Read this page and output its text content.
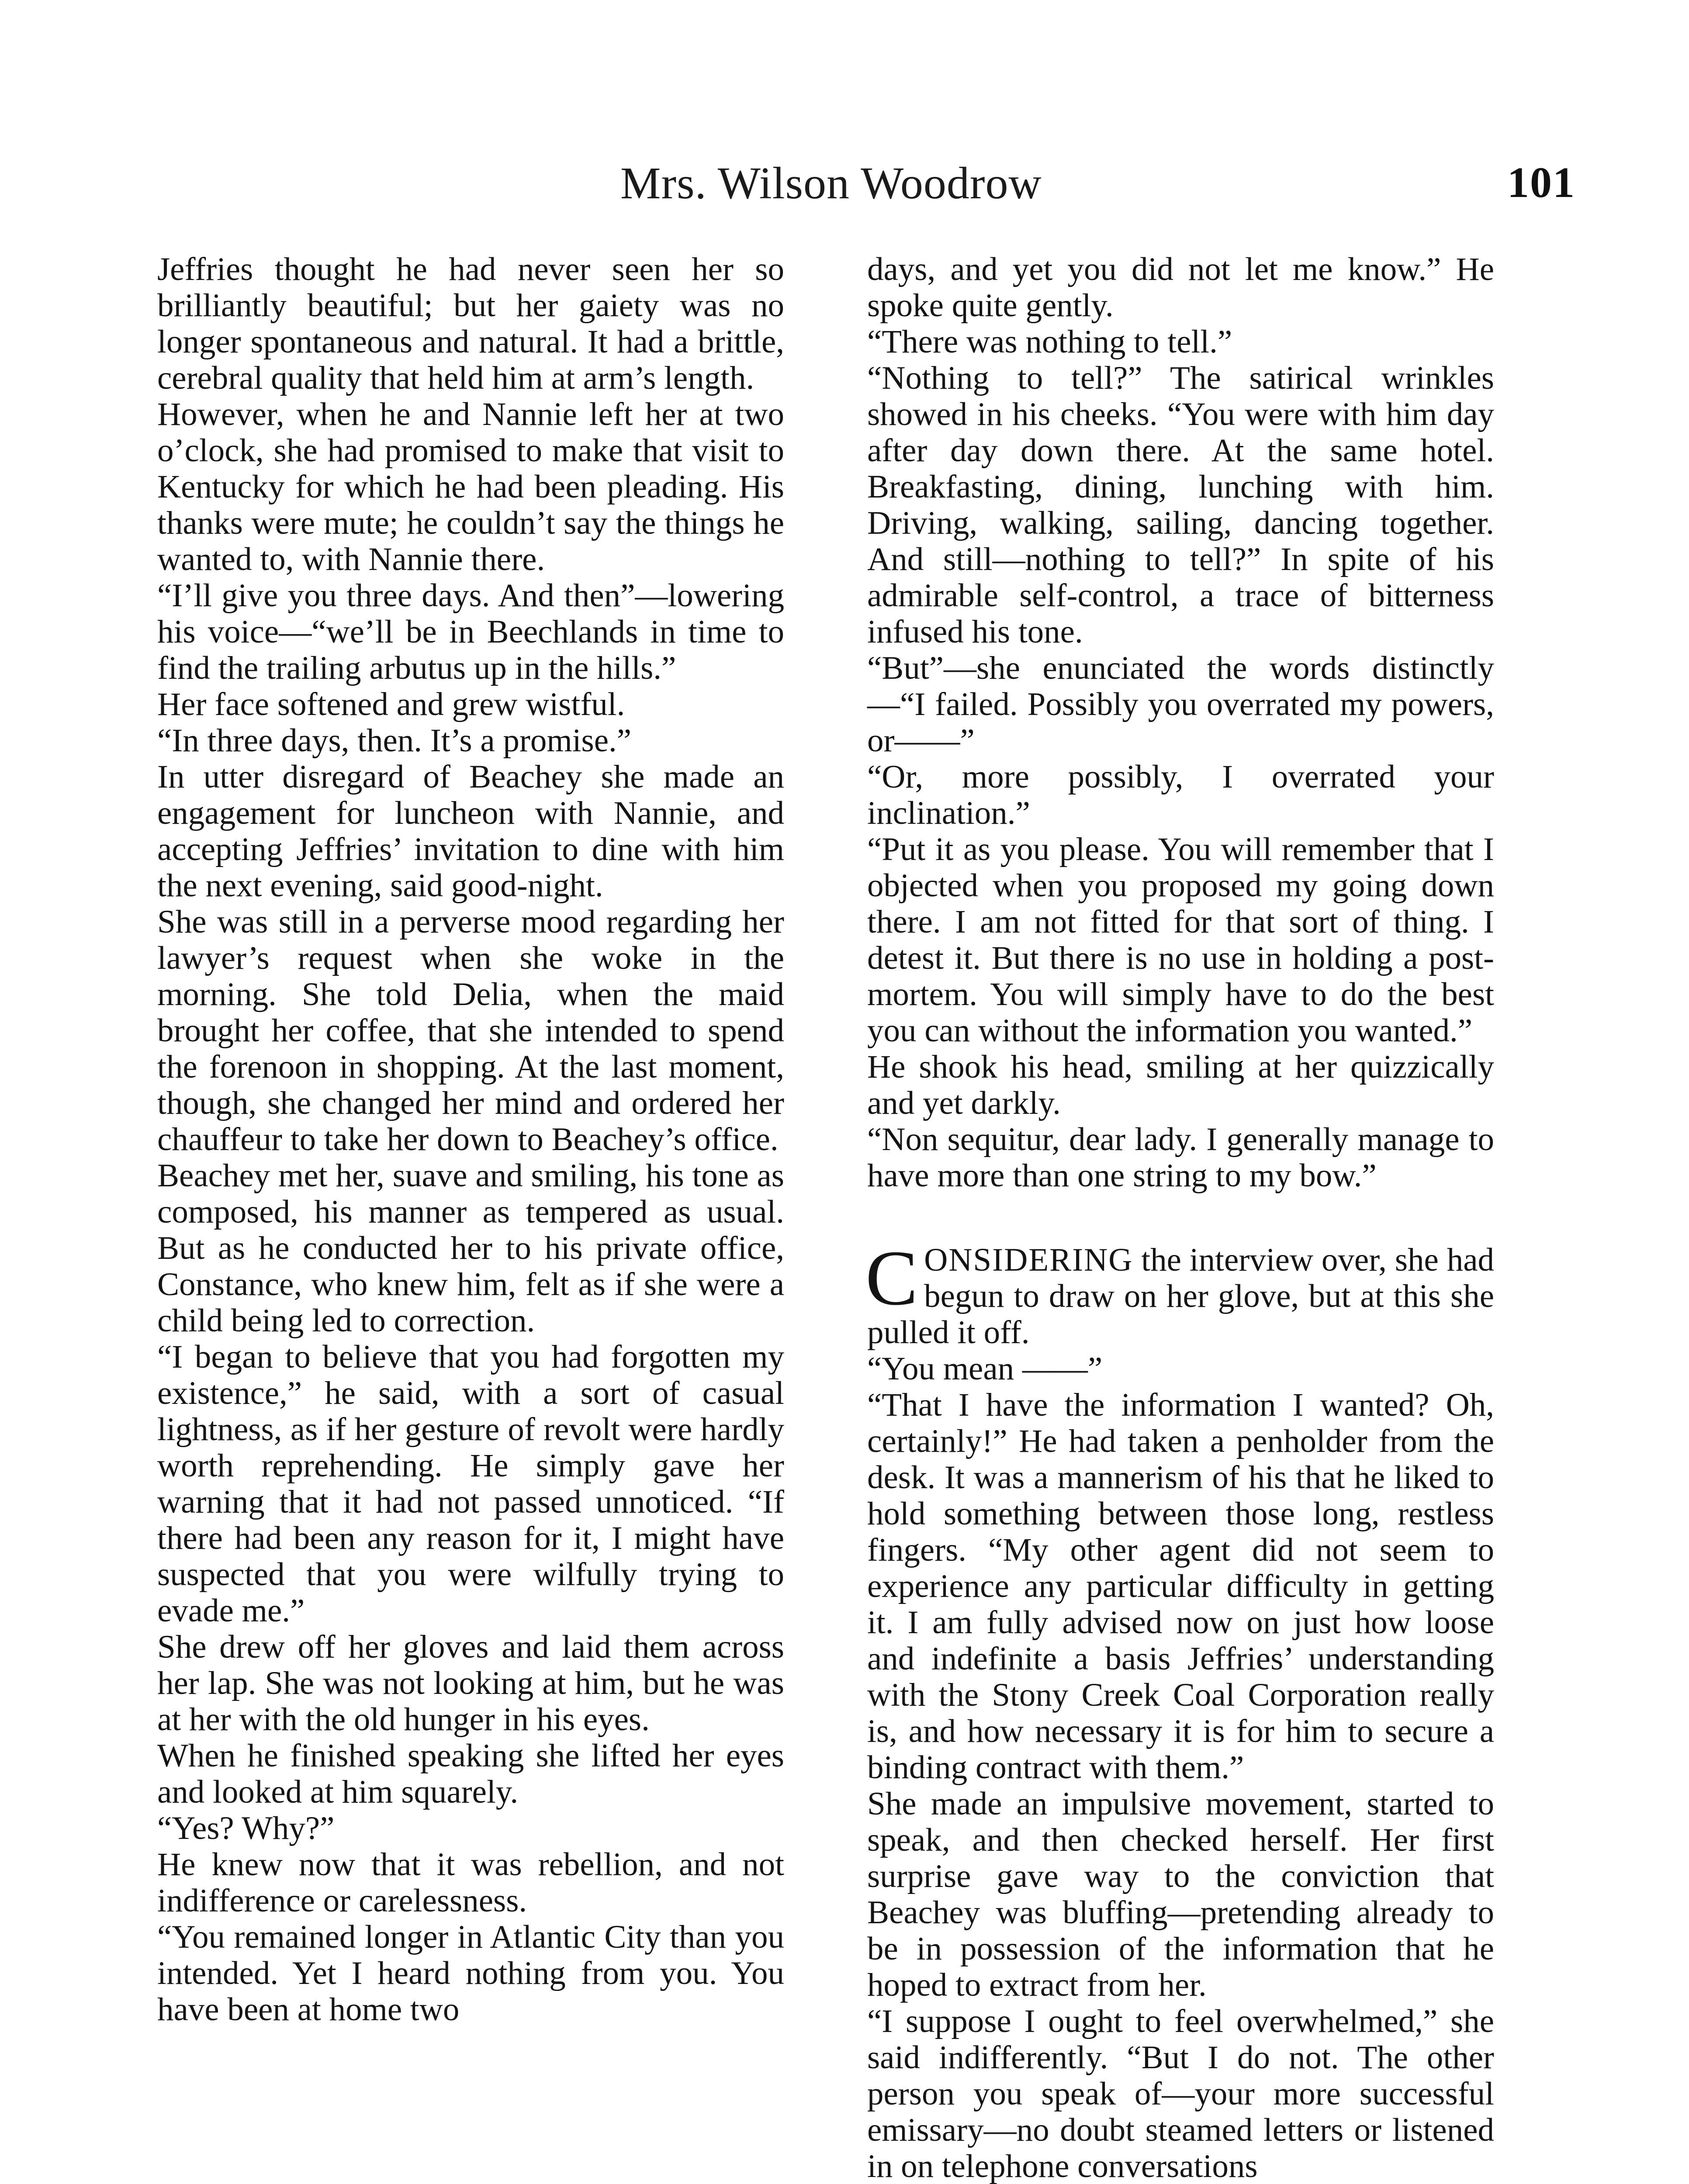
Mrs. Wilson Woodrow	101

Jeffries thought he had never seen her so brilliantly beautiful; but her gaiety was no longer spontaneous and natural. It had a brittle, cerebral quality that held him at arm’s length.

However, when he and Nannie left her at two o’clock, she had promised to make that visit to Kentucky for which he had been pleading. His thanks were mute; he couldn’t say the things he wanted to, with Nannie there.

“I’ll give you three days. And then”—lowering his voice—“we’ll be in Beechlands in time to find the trailing arbutus up in the hills.”

Her face softened and grew wistful.

“In three days, then. It’s a promise.”

In utter disregard of Beachey she made an engagement for luncheon with Nannie, and accepting Jeffries’ invitation to dine with him the next evening, said good-night.

She was still in a perverse mood regarding her lawyer’s request when she woke in the morning. She told Delia, when the maid brought her coffee, that she intended to spend the forenoon in shopping. At the last moment, though, she changed her mind and ordered her chauffeur to take her down to Beachey’s office.

Beachey met her, suave and smiling, his tone as composed, his manner as tempered as usual. But as he conducted her to his private office, Constance, who knew him, felt as if she were a child being led to correction.

“I began to believe that you had forgotten my existence,” he said, with a sort of casual lightness, as if her gesture of revolt were hardly worth reprehending. He simply gave her warning that it had not passed unnoticed. “If there had been any reason for it, I might have suspected that you were wilfully trying to evade me.”

She drew off her gloves and laid them across her lap. She was not looking at him, but he was at her with the old hunger in his eyes.

When he finished speaking she lifted her eyes and looked at him squarely.

“Yes? Why?”

He knew now that it was rebellion, and not indifference or carelessness.

“You remained longer in Atlantic City than you intended. Yet I heard nothing from you. You have been at home two

days, and yet you did not let me know.” He spoke quite gently.

“There was nothing to tell.”

“Nothing to tell?” The satirical wrinkles showed in his cheeks. “You were with him day after day down there. At the same hotel. Breakfasting, dining, lunching with him. Driving, walking, sailing, dancing together. And still—nothing to tell?” In spite of his admirable self-control, a trace of bitterness infused his tone.

“But”—she enunciated the words distinctly—“I failed. Possibly you overrated my powers, or——”

“Or, more possibly, I overrated your inclination.”

“Put it as you please. You will remember that I objected when you proposed my going down there. I am not fitted for that sort of thing. I detest it. But there is no use in holding a post-mortem. You will simply have to do the best you can without the information you wanted.”

He shook his head, smiling at her quizzically and yet darkly.

“Non sequitur, dear lady. I generally manage to have more than one string to my bow.”

CONSIDERING the interview over, she had begun to draw on her glove, but at this she pulled it off.

“You mean ——”

“That I have the information I wanted? Oh, certainly!” He had taken a penholder from the desk. It was a mannerism of his that he liked to hold something between those long, restless fingers. “My other agent did not seem to experience any particular difficulty in getting it. I am fully advised now on just how loose and indefinite a basis Jeffries’ understanding with the Stony Creek Coal Corporation really is, and how necessary it is for him to secure a binding contract with them.”

She made an impulsive movement, started to speak, and then checked herself. Her first surprise gave way to the conviction that Beachey was bluffing—pretending already to be in possession of the information that he hoped to extract from her.

“I suppose I ought to feel overwhelmed,” she said indifferently. “But I do not. The other person you speak of—your more successful emissary—no doubt steamed letters or listened in on telephone conversations
